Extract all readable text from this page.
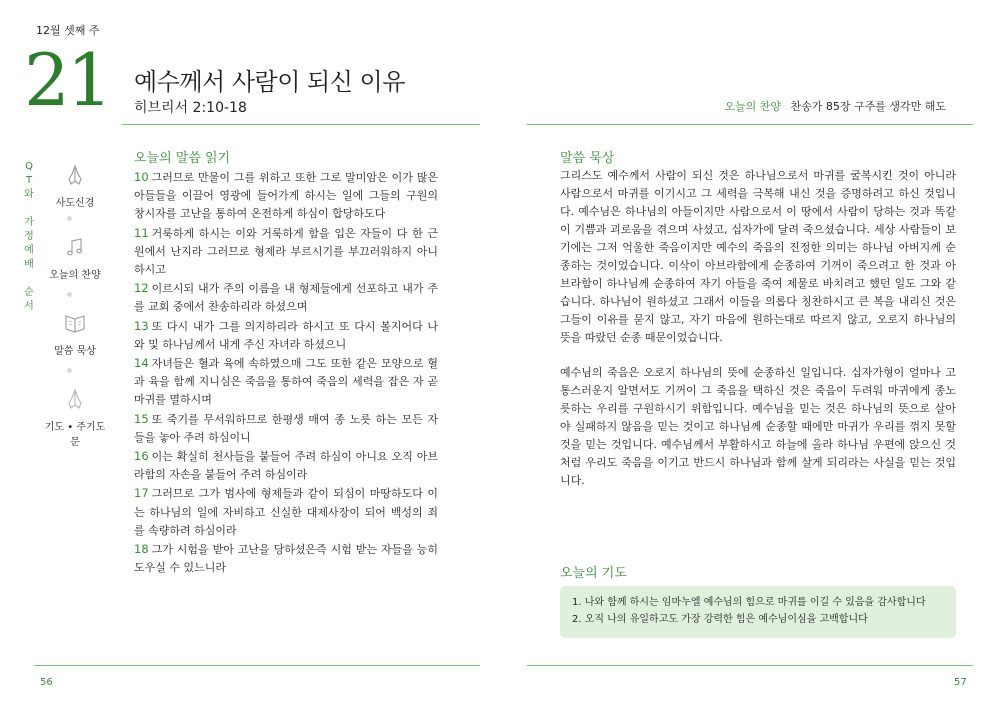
12월 셋째 주
21 예수께서 사람이 되신 이유
히브리서 2:10-18	오늘의 찬양 찬송가 85장 구주를 생각만 해도
Q
T
와

가
정
예
배

순
서
사도신경
오늘의 찬양
말씀 묵상
기도 • 주기도문
오늘의 말씀 읽기

10 그러므로 만물이 그를 위하고 또한 그로 말미암은 이가 많은 아들들을 이끌어 영광에 들어가게 하시는 일에 그들의 구원의 창시자를 고난을 통하여 온전하게 하심이 합당하도다

11 거룩하게 하시는 이와 거룩하게 함을 입은 자들이 다 한 근원에서 난지라 그러므로 형제라 부르시기를 부끄러워하지 아니하시고

12 이르시되 내가 주의 이름을 내 형제들에게 선포하고 내가 주를 교회 중에서 찬송하리라 하셨으며

13 또 다시 내가 그를 의지하리라 하시고 또 다시 볼지어다 나와 및 하나님께서 내게 주신 자녀라 하셨으니

14 자녀들은 혈과 육에 속하였으매 그도 또한 같은 모양으로 혈과 육을 함께 지니심은 죽음을 통하여 죽음의 세력을 잡은 자 곧 마귀를 멸하시며

15 또 죽기를 무서워하므로 한평생 매여 종 노릇 하는 모든 자들을 놓아 주려 하심이니

16 이는 확실히 천사들을 붙들어 주려 하심이 아니요 오직 아브라함의 자손을 붙들어 주려 하심이라

17 그러므로 그가 범사에 형제들과 같이 되심이 마땅하도다 이는 하나님의 일에 자비하고 신실한 대제사장이 되어 백성의 죄를 속량하려 하심이라

18 그가 시험을 받아 고난을 당하셨은즉 시험 받는 자들을 능히 도우실 수 있느니라

말씀 묵상
그리스도 예수께서 사람이 되신 것은 하나님으로서 마귀를 굴복시킨 것이 아니라 사람으로서 마귀를 이기시고 그 세력을 극복해 내신 것을 증명하려고 하신 것입니다. 예수님은 하나님의 아들이지만 사람으로서 이 땅에서 사람이 당하는 것과 똑같이 기쁨과 괴로움을 겪으며 사셨고, 십자가에 달려 죽으셨습니다. 세상 사람들이 보기에는 그저 억울한 죽음이지만 예수의 죽음의 진정한 의미는 하나님 아버지께 순종하는 것이었습니다. 이삭이 아브라함에게 순종하여 기꺼이 죽으려고 한 것과 아브라함이 하나님께 순종하여 자기 아들을 죽여 제물로 바치려고 했던 일도 그와 같습니다. 하나님이 원하셨고 그래서 이들을 의롭다 칭찬하시고 큰 복을 내리신 것은 그들이 이유를 묻지 않고, 자기 마음에 원하는대로 따르지 않고, 오로지 하나님의 뜻을 따랐던 순종 때문이었습니다.
예수님의 죽음은 오로지 하나님의 뜻에 순종하신 일입니다. 십자가형이 얼마나 고통스러운지 알면서도 기꺼이 그 죽음을 택하신 것은 죽음이 두려워 마귀에게 종노릇하는 우리를 구원하시기 위함입니다. 예수님을 믿는 것은 하나님의 뜻으로 살아야 실패하지 않음을 믿는 것이고 하나님께 순종할 때에만 마귀가 우리를 꺾지 못할 것을 믿는 것입니다. 예수님께서 부활하시고 하늘에 올라 하나님 우편에 앉으신 것처럼 우리도 죽음을 이기고 반드시 하나님과 함께 살게 되리라는 사실을 믿는 것입니다.
오늘의 기도
1. 나와 함께 하시는 임마누엘 예수님의 힘으로 마귀를 이길 수 있음을 감사합니다
2. 오직 나의 유일하고도 가장 강력한 힘은 예수님이심을 고백합니다
56	57
